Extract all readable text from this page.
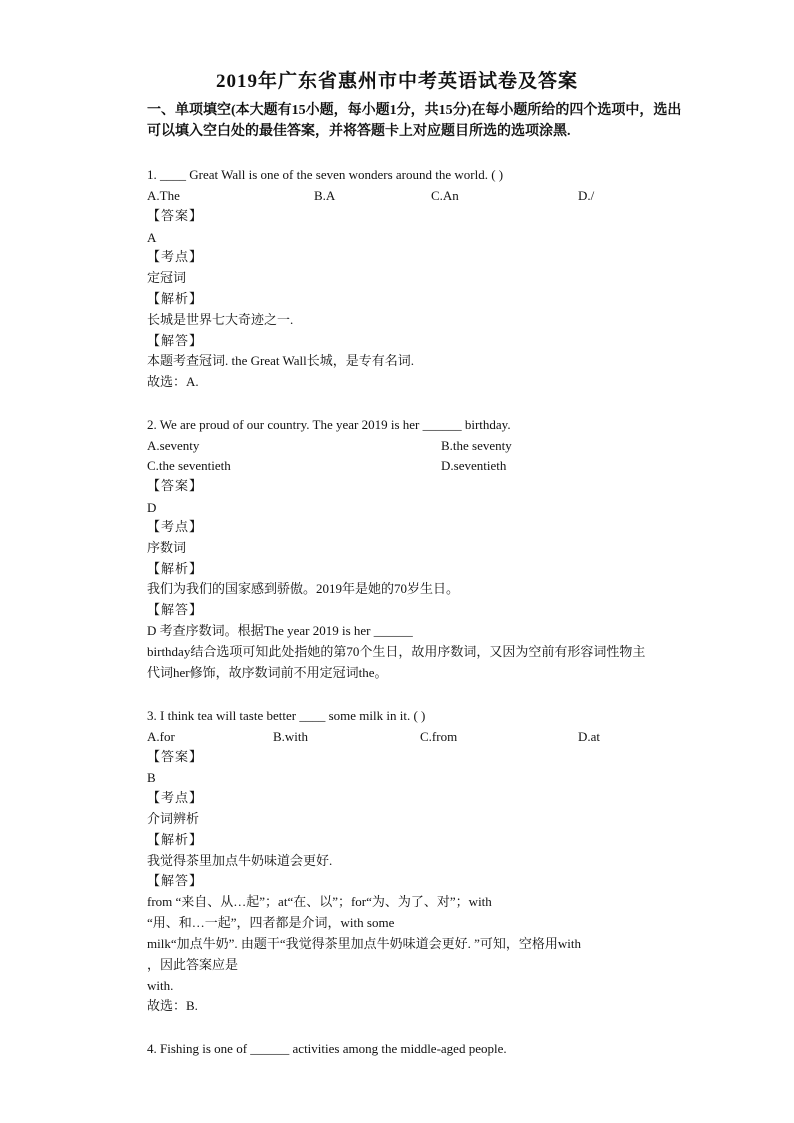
2019年广东省惠州市中考英语试卷及答案
一、单项填空(本大题有15小题，每小题1分，共15分)在每小题所给的四个选项中，选出
可以填入空白处的最佳答案，并将答题卡上对应题目所选的选项涂黑.
1. ____ Great Wall is one of the seven wonders around the world. ( )
A.The	B.A	C.An	D./
【答案】
A
【考点】
定冠词
【解析】
长城是世界七大奇迹之一.
【解答】
本题考查冠词. the Great Wall长城，是专有名词.
故选：A.
2. We are proud of our country. The year 2019 is her ______ birthday.
A.seventy	B.the seventy
C.the seventieth	D.seventieth
【答案】
D
【考点】
序数词
【解析】
我们为我们的国家感到骄傲。2019年是她的70岁生日。
【解答】
D 考查序数词。根据The year 2019 is her ______
birthday结合选项可知此处指她的第70个生日，故用序数词，又因为空前有形容词性物主
代词her修饰，故序数词前不用定冠词the。
3. I think tea will taste better ____ some milk in it. ( )
A.for	B.with	C.from	D.at
【答案】
B
【考点】
介词辨析
【解析】
我觉得茶里加点牛奶味道会更好.
【解答】
from “来自、从…起”；at“在、以”；for“为、为了、对”；with
“用、和…一起”，四者都是介词，with some
milk“加点牛奶”. 由题干“我觉得茶里加点牛奶味道会更好. ”可知，空格用with
，因此答案应是
with.
故选：B.
4. Fishing is one of ______ activities among the middle-aged people.
